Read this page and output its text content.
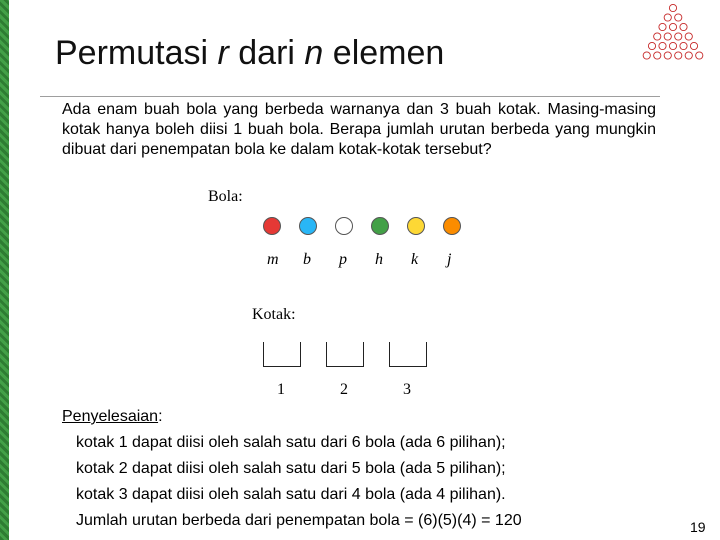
Permutasi r dari n elemen
Ada enam buah bola yang berbeda warnanya dan 3 buah kotak. Masing-masing kotak hanya boleh diisi 1 buah bola. Berapa jumlah urutan berbeda yang mungkin dibuat dari penempatan bola ke dalam kotak-kotak tersebut?
Bola:
m b p h k j
Kotak:
1	2	3
Penyelesaian:
kotak 1 dapat diisi oleh salah satu dari 6 bola (ada 6 pilihan);
kotak 2 dapat diisi oleh salah satu dari 5 bola (ada 5 pilihan);
kotak 3 dapat diisi oleh salah satu dari 4 bola (ada 4 pilihan).
Jumlah urutan berbeda dari penempatan bola = (6)(5)(4) = 120	19
